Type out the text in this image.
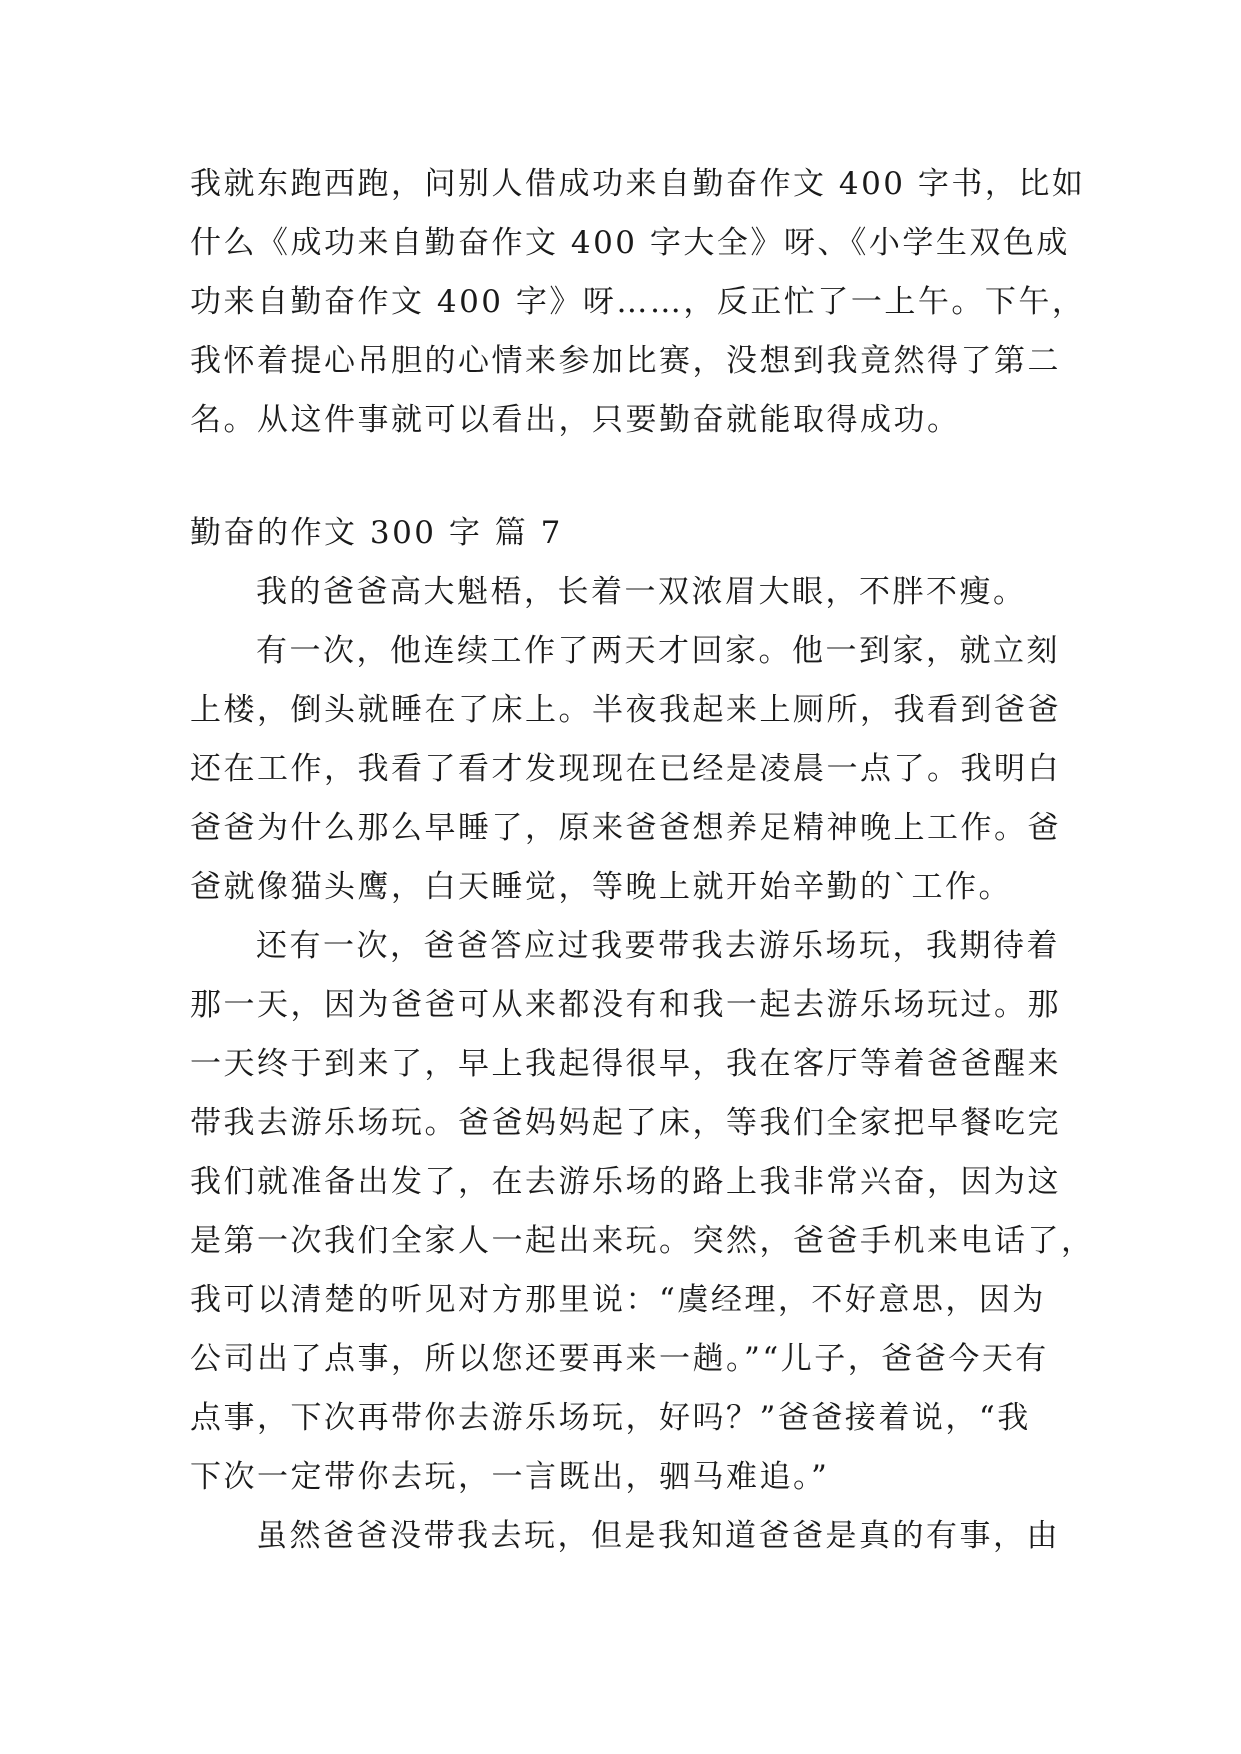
我就东跑西跑，问别人借成功来自勤奋作文 400 字书，比如

什么《成功来自勤奋作文 400 字大全》呀、《小学生双色成

功来自勤奋作文 400 字》呀……，反正忙了一上午。下午，

我怀着提心吊胆的心情来参加比赛，没想到我竟然得了第二

名。从这件事就可以看出，只要勤奋就能取得成功。

勤奋的作文 300 字 篇 7

我的爸爸高大魁梧，长着一双浓眉大眼，不胖不瘦。

有一次，他连续工作了两天才回家。他一到家，就立刻

上楼，倒头就睡在了床上。半夜我起来上厕所，我看到爸爸

还在工作，我看了看才发现现在已经是凌晨一点了。我明白

爸爸为什么那么早睡了，原来爸爸想养足精神晚上工作。爸

爸就像猫头鹰，白天睡觉，等晚上就开始辛勤的`工作。

还有一次，爸爸答应过我要带我去游乐场玩，我期待着

那一天，因为爸爸可从来都没有和我一起去游乐场玩过。那

一天终于到来了，早上我起得很早，我在客厅等着爸爸醒来

带我去游乐场玩。爸爸妈妈起了床，等我们全家把早餐吃完

我们就准备出发了，在去游乐场的路上我非常兴奋，因为这

是第一次我们全家人一起出来玩。突然，爸爸手机来电话了，

我可以清楚的听见对方那里说：“虞经理，不好意思，因为

公司出了点事，所以您还要再来一趟。”“儿子，爸爸今天有

点事，下次再带你去游乐场玩，好吗？”爸爸接着说，“我

下次一定带你去玩，一言既出，驷马难追。”

虽然爸爸没带我去玩，但是我知道爸爸是真的有事，由
